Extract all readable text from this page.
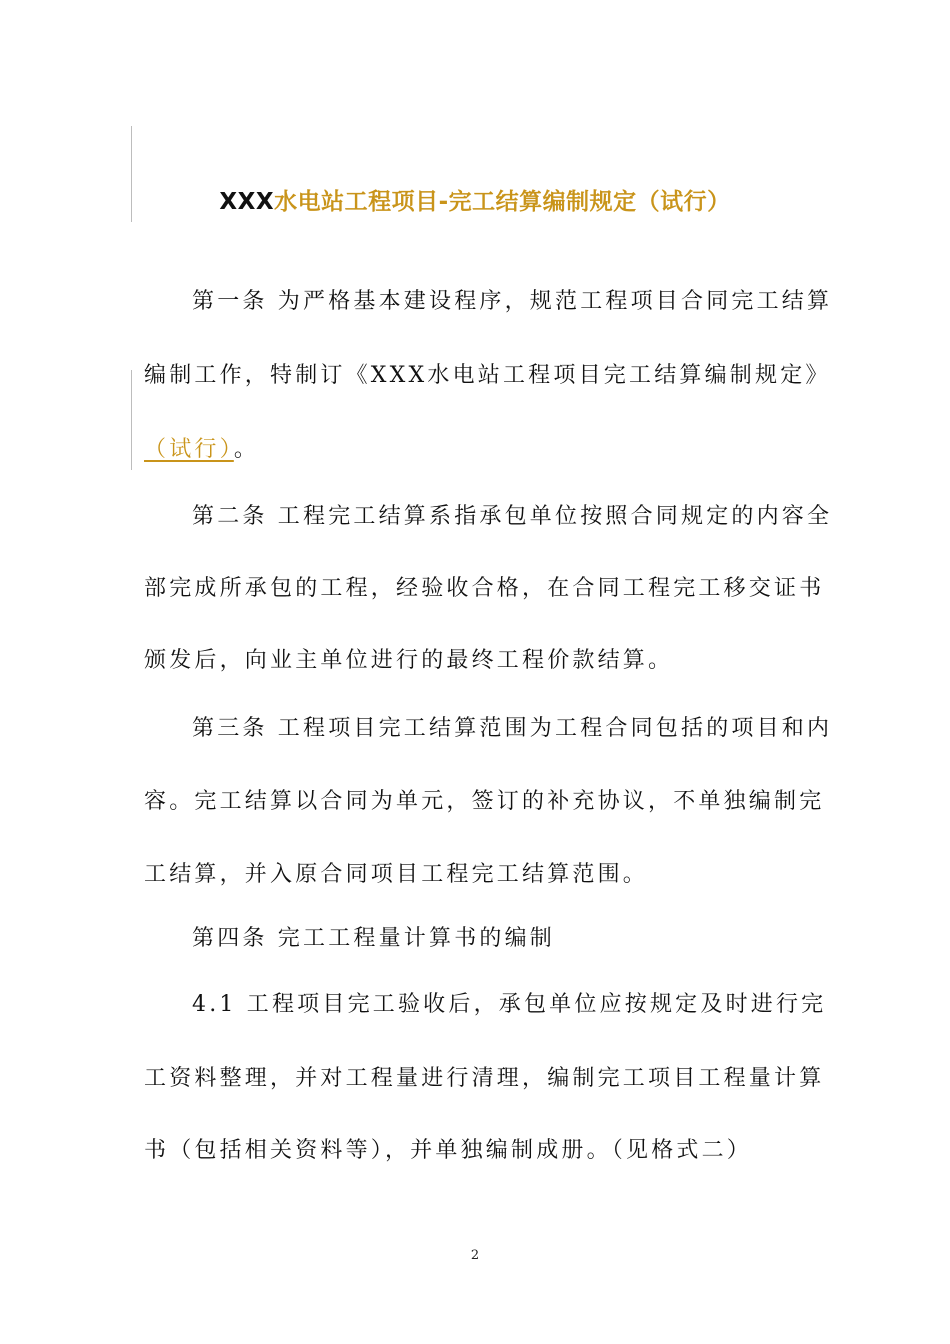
XXX水电站工程项目-完工结算编制规定（试行）
第一条 为严格基本建设程序，规范工程项目合同完工结算
编制工作，特制订《XXX水电站工程项目完工结算编制规定》
（试行）。
第二条 工程完工结算系指承包单位按照合同规定的内容全
部完成所承包的工程，经验收合格，在合同工程完工移交证书
颁发后，向业主单位进行的最终工程价款结算。
第三条 工程项目完工结算范围为工程合同包括的项目和内
容。完工结算以合同为单元，签订的补充协议，不单独编制完
工结算，并入原合同项目工程完工结算范围。
第四条 完工工程量计算书的编制
4.1 工程项目完工验收后，承包单位应按规定及时进行完
工资料整理，并对工程量进行清理，编制完工项目工程量计算
书（包括相关资料等），并单独编制成册。（见格式二）
2
